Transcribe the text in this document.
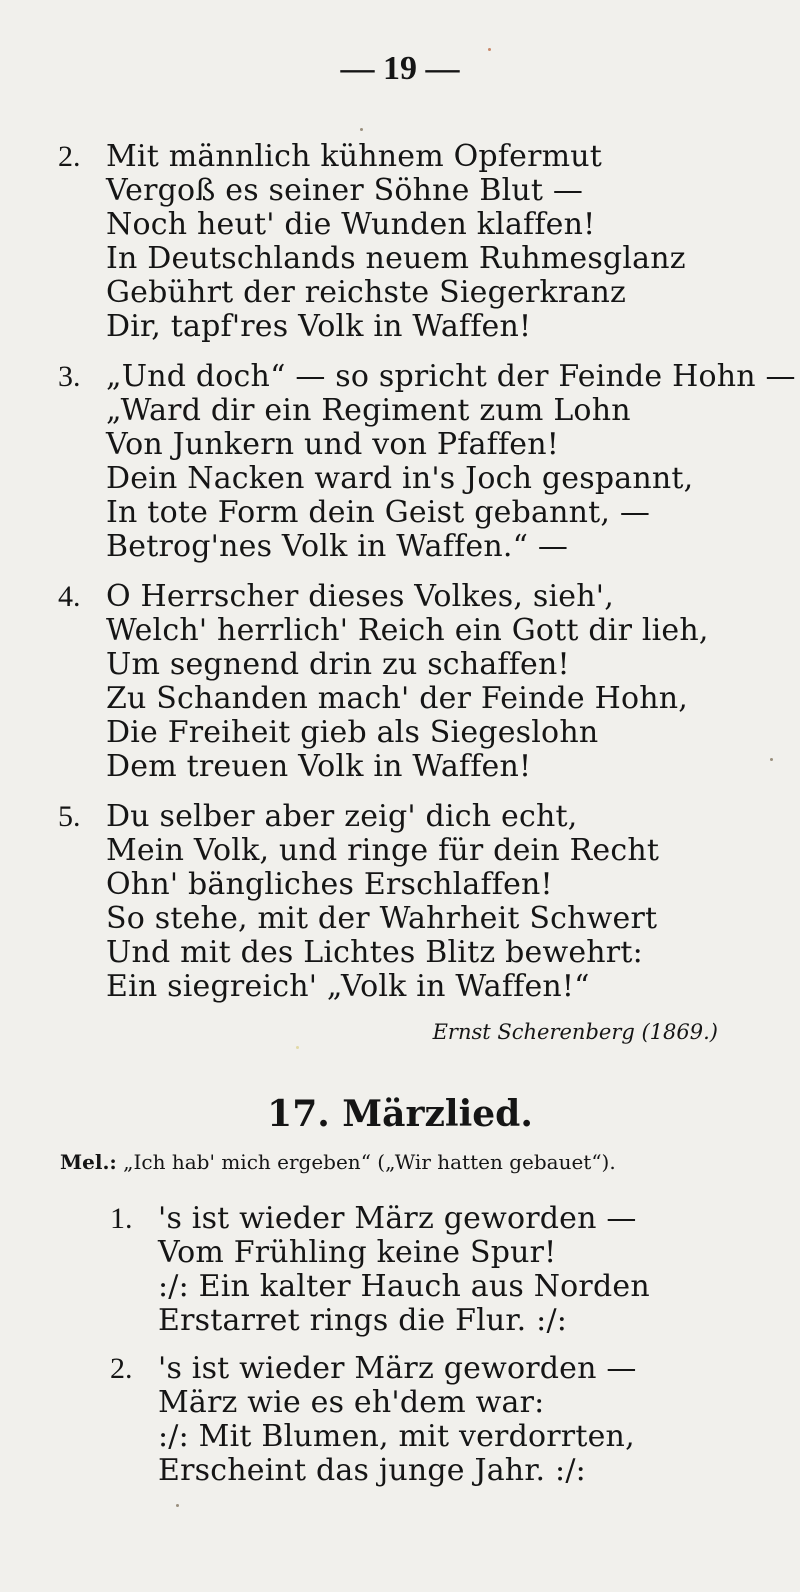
— 19 —
2. Mit männlich kühnem Opfermut
Vergoß es seiner Söhne Blut —
Noch heut' die Wunden klaffen!
In Deutschlands neuem Ruhmesglanz
Gebührt der reichste Siegerkranz
Dir, tapf'res Volk in Waffen!
3. „Und doch“ — so spricht der Feinde Hohn —
„Ward dir ein Regiment zum Lohn
Von Junkern und von Pfaffen!
Dein Nacken ward in's Joch gespannt,
In tote Form dein Geist gebannt, —
Betrog'nes Volk in Waffen.“ —
4. O Herrscher dieses Volkes, sieh',
Welch' herrlich' Reich ein Gott dir lieh,
Um segnend drin zu schaffen!
Zu Schanden mach' der Feinde Hohn,
Die Freiheit gieb als Siegeslohn
Dem treuen Volk in Waffen!
5. Du selber aber zeig' dich echt,
Mein Volk, und ringe für dein Recht
Ohn' bängliches Erschlaffen!
So stehe, mit der Wahrheit Schwert
Und mit des Lichtes Blitz bewehrt:
Ein siegreich' „Volk in Waffen!“
Ernst Scherenberg (1869.)
17. Märzlied.
Mel.: „Ich hab' mich ergeben“ („Wir hatten gebauet“).
1. 's ist wieder März geworden —
Vom Frühling keine Spur!
:/: Ein kalter Hauch aus Norden
Erstarret rings die Flur. :/:
2. 's ist wieder März geworden —
März wie es eh'dem war:
:/: Mit Blumen, mit verdorrten,
Erscheint das junge Jahr. :/:
